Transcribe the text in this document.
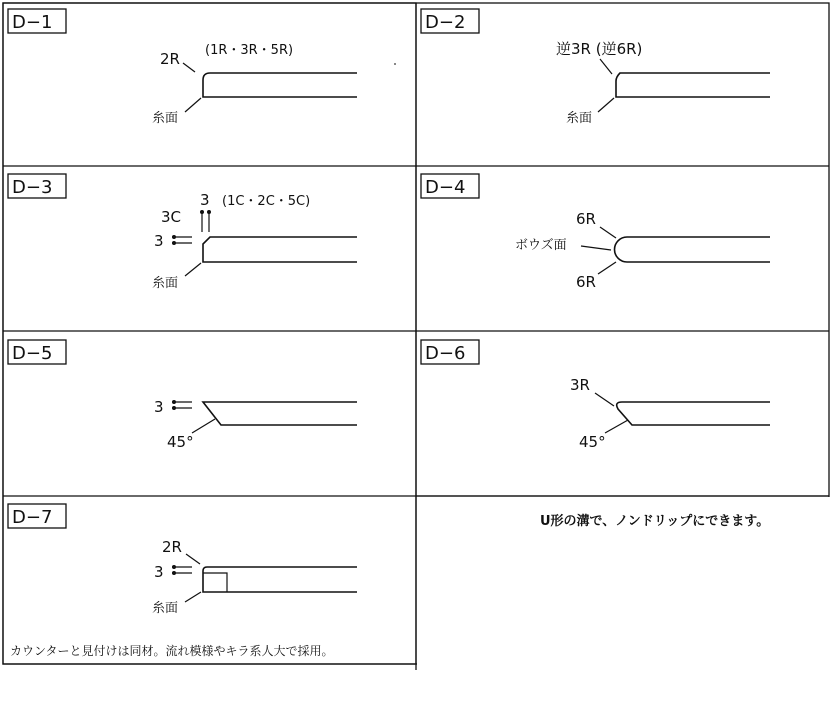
D−1
2R (1R・3R・5R)
糸面
D−2
逆3R (逆6R)
糸面
D−3
3 (1C・2C・5C)
3C
3
糸面
D−4
6R
ボウズ面
6R
D−5
3
45°
D−6
3R
45°
D−7
2R
3
糸面
カウンターと見付けは同材。流れ模様やキラ系人大で採用。
U形の溝で、ノンドリップにできます。
